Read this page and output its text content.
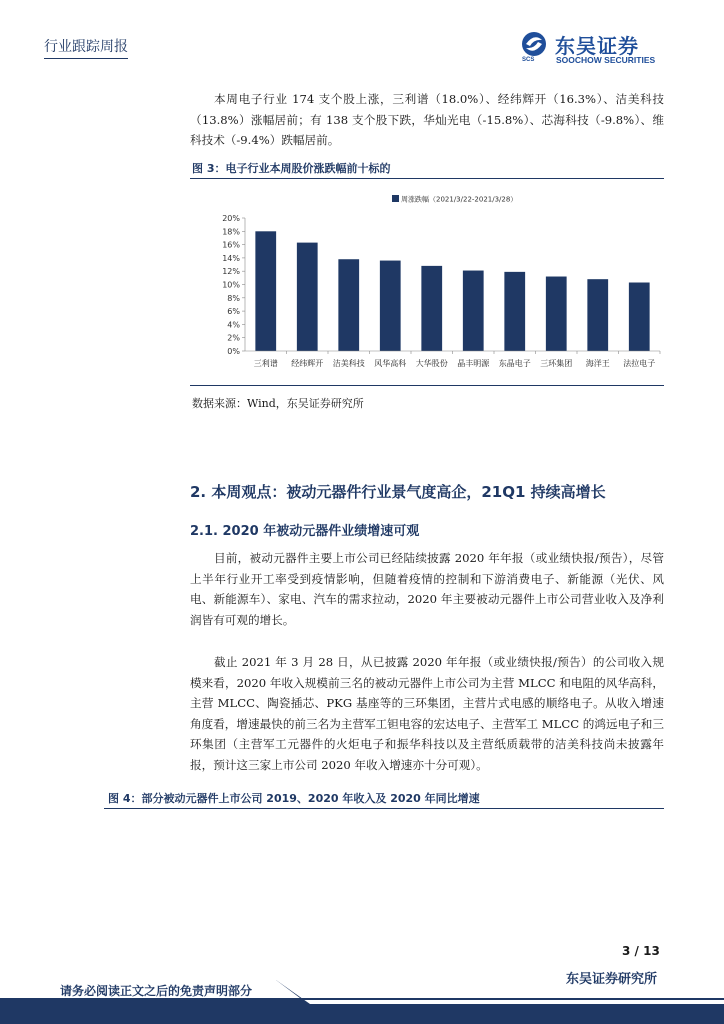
行业跟踪周报	东吴证券
SOOCHOW SECURITIES
SCS
本周电子行业 174 支个股上涨，三利谱（18.0%）、经纬辉开（16.3%）、洁美科技（13.8%）涨幅居前；有 138 支个股下跌，华灿光电（-15.8%）、芯海科技（-9.8%）、维科技术（-9.4%）跌幅居前。
图 3：电子行业本周股价涨跌幅前十标的
周涨跌幅（2021/3/22-2021/3/28）
0%
2%
4%
6%
8%
10%
12%
14%
16%
18%
20%
三利谱 经纬辉开 洁美科技 风华高科 大华股份 晶丰明源 东晶电子 三环集团 海洋王 法拉电子
数据来源：Wind，东吴证券研究所
2. 本周观点：被动元器件行业景气度高企，21Q1 持续高增长
2.1. 2020 年被动元器件业绩增速可观
目前，被动元器件主要上市公司已经陆续披露 2020 年年报（或业绩快报/预告），尽管上半年行业开工率受到疫情影响，但随着疫情的控制和下游消费电子、新能源（光伏、风电、新能源车）、家电、汽车的需求拉动，2020 年主要被动元器件上市公司营业收入及净利润皆有可观的增长。
截止 2021 年 3 月 28 日，从已披露 2020 年年报（或业绩快报/预告）的公司收入规模来看，2020 年收入规模前三名的被动元器件上市公司为主营 MLCC 和电阻的风华高科，主营 MLCC、陶瓷插芯、PKG 基座等的三环集团，主营片式电感的顺络电子。从收入增速角度看，增速最快的前三名为主营军工钽电容的宏达电子、主营军工 MLCC 的鸿远电子和三环集团（主营军工元器件的火炬电子和振华科技以及主营纸质载带的洁美科技尚未披露年报，预计这三家上市公司 2020 年收入增速亦十分可观）。
图 4：部分被动元器件上市公司 2019、2020 年收入及 2020 年同比增速
3 / 13
东吴证券研究所
请务必阅读正文之后的免责声明部分
